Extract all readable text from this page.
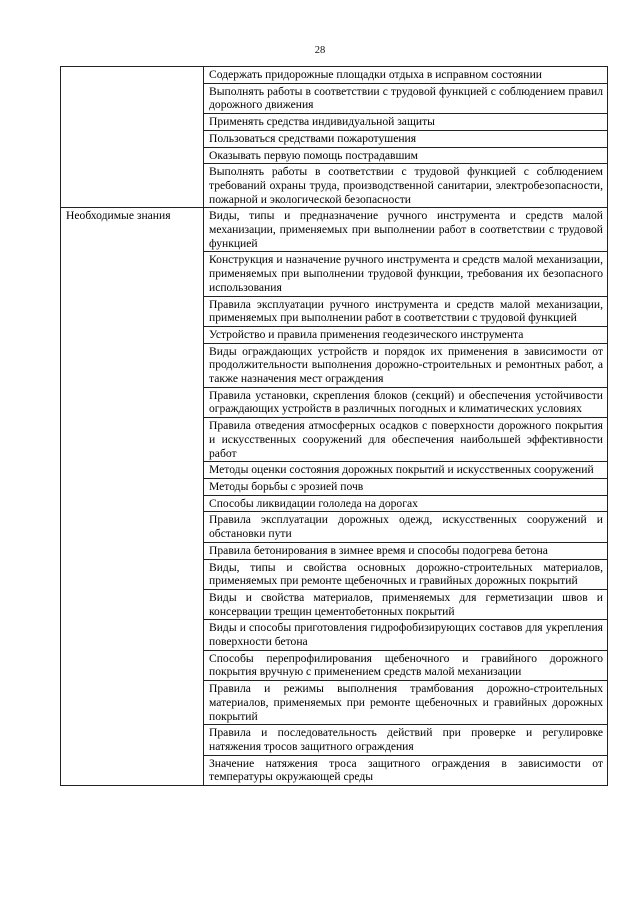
28
	Содержать придорожные площадки отдыха в исправном состоянии
	Выполнять работы в соответствии с трудовой функцией с соблюдением правил дорожного движения
	Применять средства индивидуальной защиты
	Пользоваться средствами пожаротушения
	Оказывать первую помощь пострадавшим
	Выполнять работы в соответствии с трудовой функцией с соблюдением требований охраны труда, производственной санитарии, электробезопасности, пожарной и экологической безопасности
Необходимые знания	Виды, типы и предназначение ручного инструмента и средств малой механизации, применяемых при выполнении работ в соответствии с трудовой функцией
	Конструкция и назначение ручного инструмента и средств малой механизации, применяемых при выполнении трудовой функции, требования их безопасного использования
	Правила эксплуатации ручного инструмента и средств малой механизации, применяемых при выполнении работ в соответствии с трудовой функцией
	Устройство и правила применения геодезического инструмента
	Виды ограждающих устройств и порядок их применения в зависимости от продолжительности выполнения дорожно-строительных и ремонтных работ, а также назначения мест ограждения
	Правила установки, скрепления блоков (секций) и обеспечения устойчивости ограждающих устройств в различных погодных и климатических условиях
	Правила отведения атмосферных осадков с поверхности дорожного покрытия и искусственных сооружений для обеспечения наибольшей эффективности работ
	Методы оценки состояния дорожных покрытий и искусственных сооружений
	Методы борьбы с эрозией почв
	Способы ликвидации гололеда на дорогах
	Правила эксплуатации дорожных одежд, искусственных сооружений и обстановки пути
	Правила бетонирования в зимнее время и способы подогрева бетона
	Виды, типы и свойства основных дорожно-строительных материалов, применяемых при ремонте щебеночных и гравийных дорожных покрытий
	Виды и свойства материалов, применяемых для герметизации швов и консервации трещин цементобетонных покрытий
	Виды и способы приготовления гидрофобизирующих составов для укрепления поверхности бетона
	Способы перепрофилирования щебеночного и гравийного дорожного покрытия вручную с применением средств малой механизации
	Правила и режимы выполнения трамбования дорожно-строительных материалов, применяемых при ремонте щебеночных и гравийных дорожных покрытий
	Правила и последовательность действий при проверке и регулировке натяжения тросов защитного ограждения
	Значение натяжения троса защитного ограждения в зависимости от температуры окружающей среды
